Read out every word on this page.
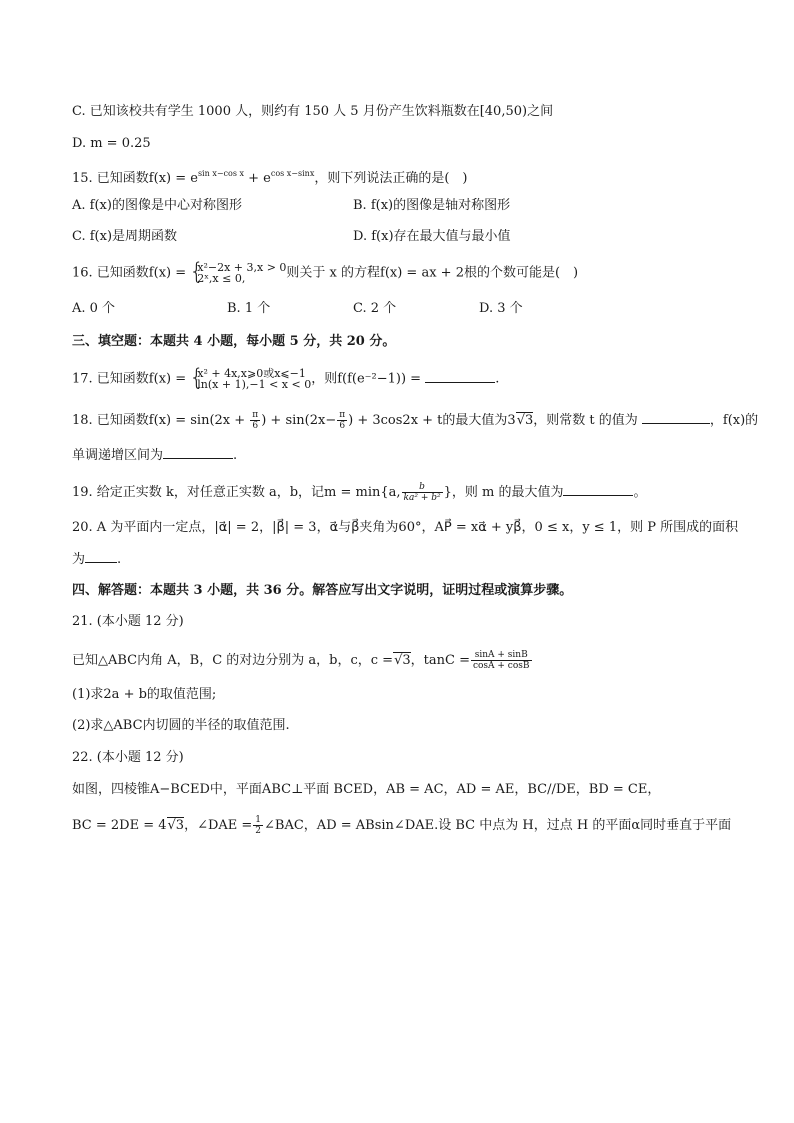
C. 已知该校共有学生 1000 人，则约有 150 人 5 月份产生饮料瓶数在[40,50)之间
D. m = 0.25
15. 已知函数$f(x) = e^{sin x-cos x} + e^{cos x-sinx}$，则下列说法正确的是(　)
A. f(x)的图像是中心对称图形	B. f(x)的图像是轴对称图形
C. f(x)是周期函数	D. f(x)存在最大值与最小值
16. 已知函数f(x) = { x²−2x + 3,x > 0
2ˣ,x ≤ 0,	则关于 x 的方程f(x) = ax + 2根的个数可能是(　)
A. 0 个	B. 1 个	C. 2 个	D. 3 个
三、填空题：本题共 4 小题，每小题 5 分，共 20 分。
17. 已知函数f(x) = { x² + 4x,x⩾0或x⩽−1
ln(x + 1),−1 < x < 0 ，则f(f(e⁻²−1)) =	.
18. 已知函数$f(x) = \sin(2x + \frac{\pi}{6}$ ) + $\sin(2x- \frac{\pi}{6}$ ) + 3cos2x + t的最大值为3√3，则常数 t 的值为	，f(x)的
单调递增区间为	.
19. 给定正实数 k，对任意正实数 a，b，记m = min{a, $\frac{b}{\text{ka² + b²}}$ }，则 m 的最大值为	。
20. A 为平面内一定点，|α⃗| = 2，|β⃗| = 3，α⃗与β⃗夹角为60°，AP⃗ = xα⃗ + yβ⃗，0 ≤ x，y ≤ 1，则 P 所围成的面积
为 .
四、解答题：本题共 3 小题，共 36 分。解答应写出文字说明，证明过程或演算步骤。
21. (本小题 12 分)
已知△ABC内角 A，B，C 的对边分别为 a，b，c，c =√3，$\tan C = \frac{\sin A + \sin B}{\cos A + \cos B}$
(1)求2a + b的取值范围;
(2)求△ABC内切圆的半径的取值范围.
22. (本小题 12 分)
如图，四棱锥A−BCED中，平面ABC⊥平面 BCED，AB = AC，AD = AE，BC//DE，BD = CE，
BC = 2DE = 4√3，∠DAE = $\frac{1}{2}$ ∠BAC，AD = ABsin∠DAE.设 BC 中点为 H，过点 H 的平面α同时垂直于平面
